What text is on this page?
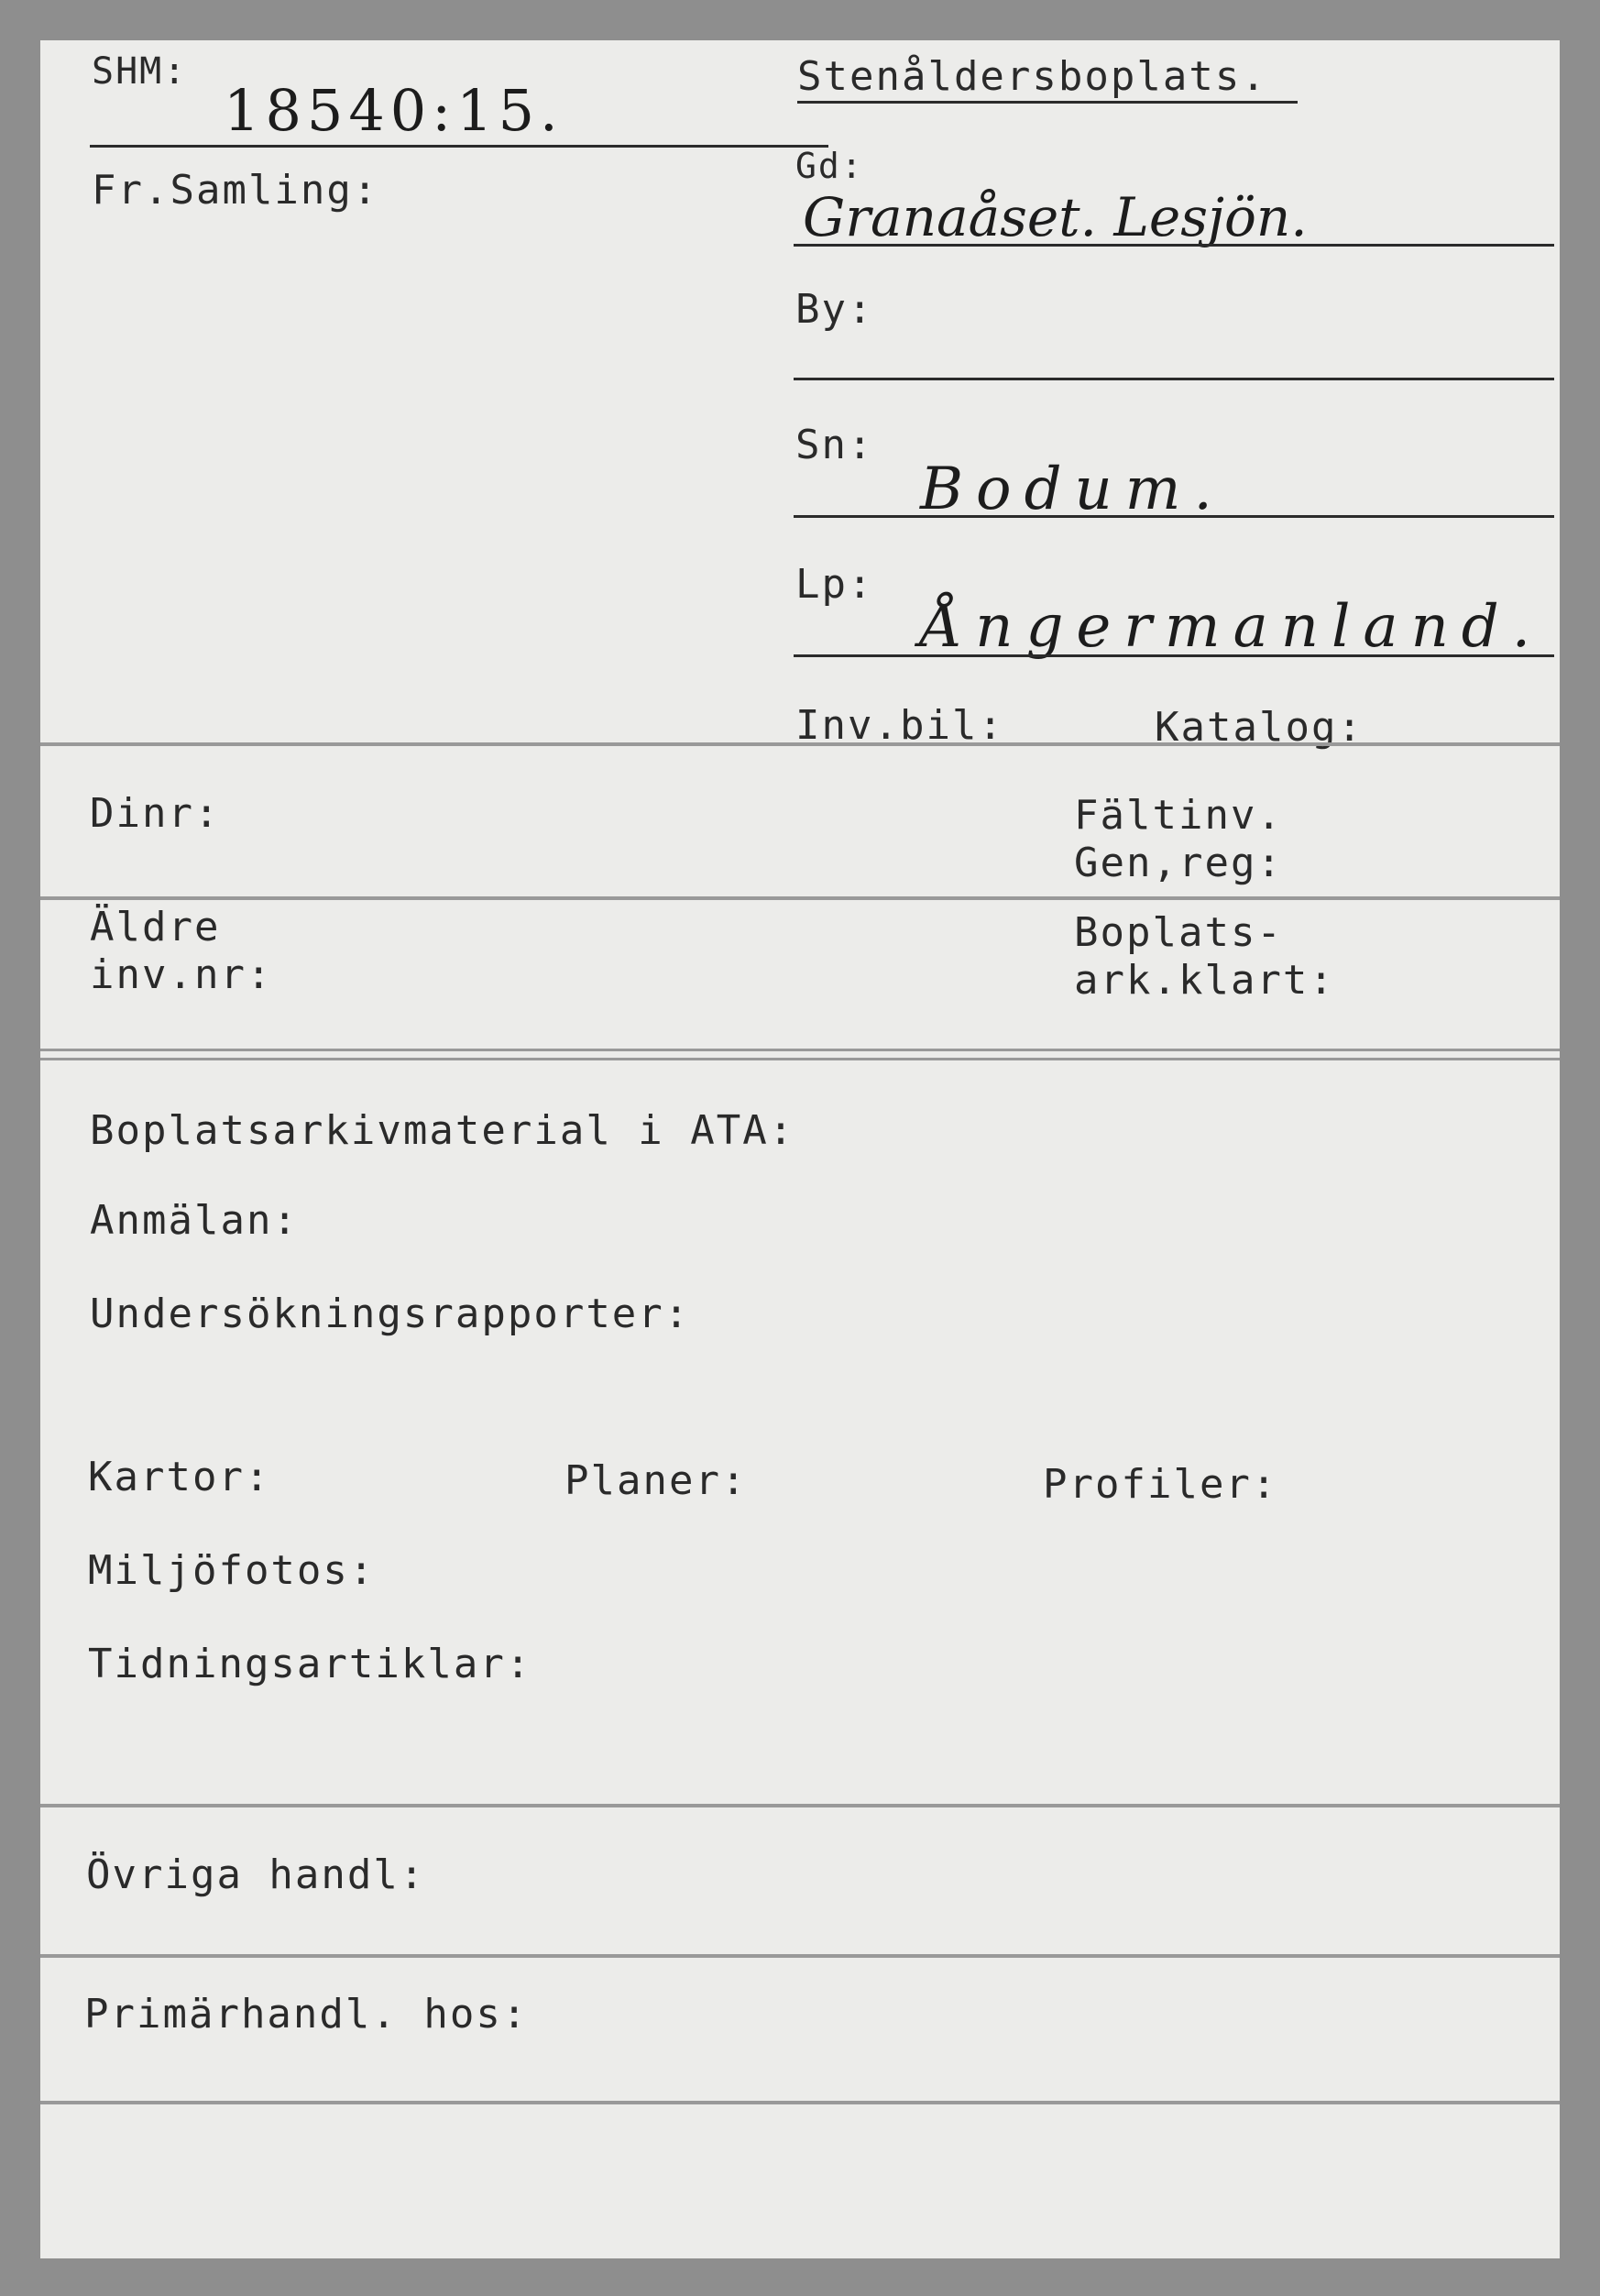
SHM:
18540:15.
Fr.Samling:
Stenåldersboplats.
Gd:
Granaåset. Lesjön.
By:
Sn:
Bodum.
Lp:
Ångermanland.
Inv.bil:	Katalog:
Dinr:	Fältinv.
Gen,reg:
Äldre
inv.nr:
Boplats-
ark.klart:
Boplatsarkivmaterial i ATA:
Anmälan:
Undersökningsrapporter:
Kartor:	Planer:	Profiler:
Miljöfotos:
Tidningsartiklar:
Övriga handl:
Primärhandl. hos:
